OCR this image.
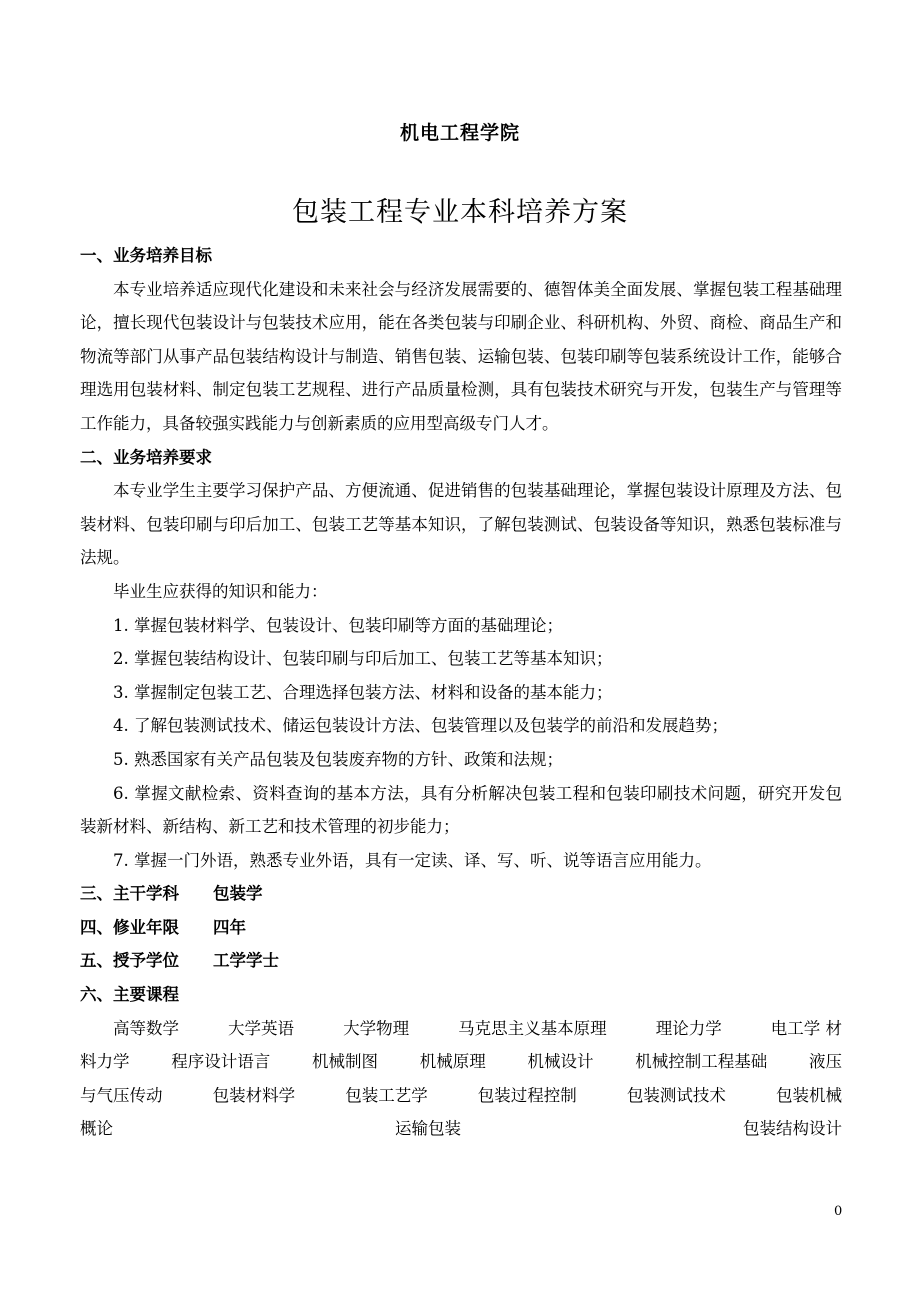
机电工程学院
包装工程专业本科培养方案

一、业务培养目标

本专业培养适应现代化建设和未来社会与经济发展需要的、德智体美全面发展、掌握包装工程基础理论，擅长现代包装设计与包装技术应用，能在各类包装与印刷企业、科研机构、外贸、商检、商品生产和物流等部门从事产品包装结构设计与制造、销售包装、运输包装、包装印刷等包装系统设计工作，能够合理选用包装材料、制定包装工艺规程、进行产品质量检测，具有包装技术研究与开发，包装生产与管理等工作能力，具备较强实践能力与创新素质的应用型高级专门人才。

二、业务培养要求

本专业学生主要学习保护产品、方便流通、促进销售的包装基础理论，掌握包装设计原理及方法、包装材料、包装印刷与印后加工、包装工艺等基本知识，了解包装测试、包装设备等知识，熟悉包装标准与法规。

毕业生应获得的知识和能力：

1. 掌握包装材料学、包装设计、包装印刷等方面的基础理论；

2. 掌握包装结构设计、包装印刷与印后加工、包装工艺等基本知识；

3. 掌握制定包装工艺、合理选择包装方法、材料和设备的基本能力；

4. 了解包装测试技术、储运包装设计方法、包装管理以及包装学的前沿和发展趋势；

5. 熟悉国家有关产品包装及包装废弃物的方针、政策和法规；

6. 掌握文献检索、资料查询的基本方法，具有分析解决包装工程和包装印刷技术问题，研究开发包装新材料、新结构、新工艺和技术管理的初步能力；

7. 掌握一门外语，熟悉专业外语，具有一定读、译、写、听、说等语言应用能力。

三、主干学科 包装学

四、修业年限 四年

五、授予学位 工学学士

六、主要课程

高等数学	大学英语	大学物理	马克思主义基本原理	理论力学	电工学 材

料力学	程序设计语言	机械制图	机械原理	机械设计	机械控制工程基础	液压

与气压传动	包装材料学	包装工艺学	包装过程控制	包装测试技术	包装机械

概 论	运 输 包 装	包 装 结 构 设 计

0
